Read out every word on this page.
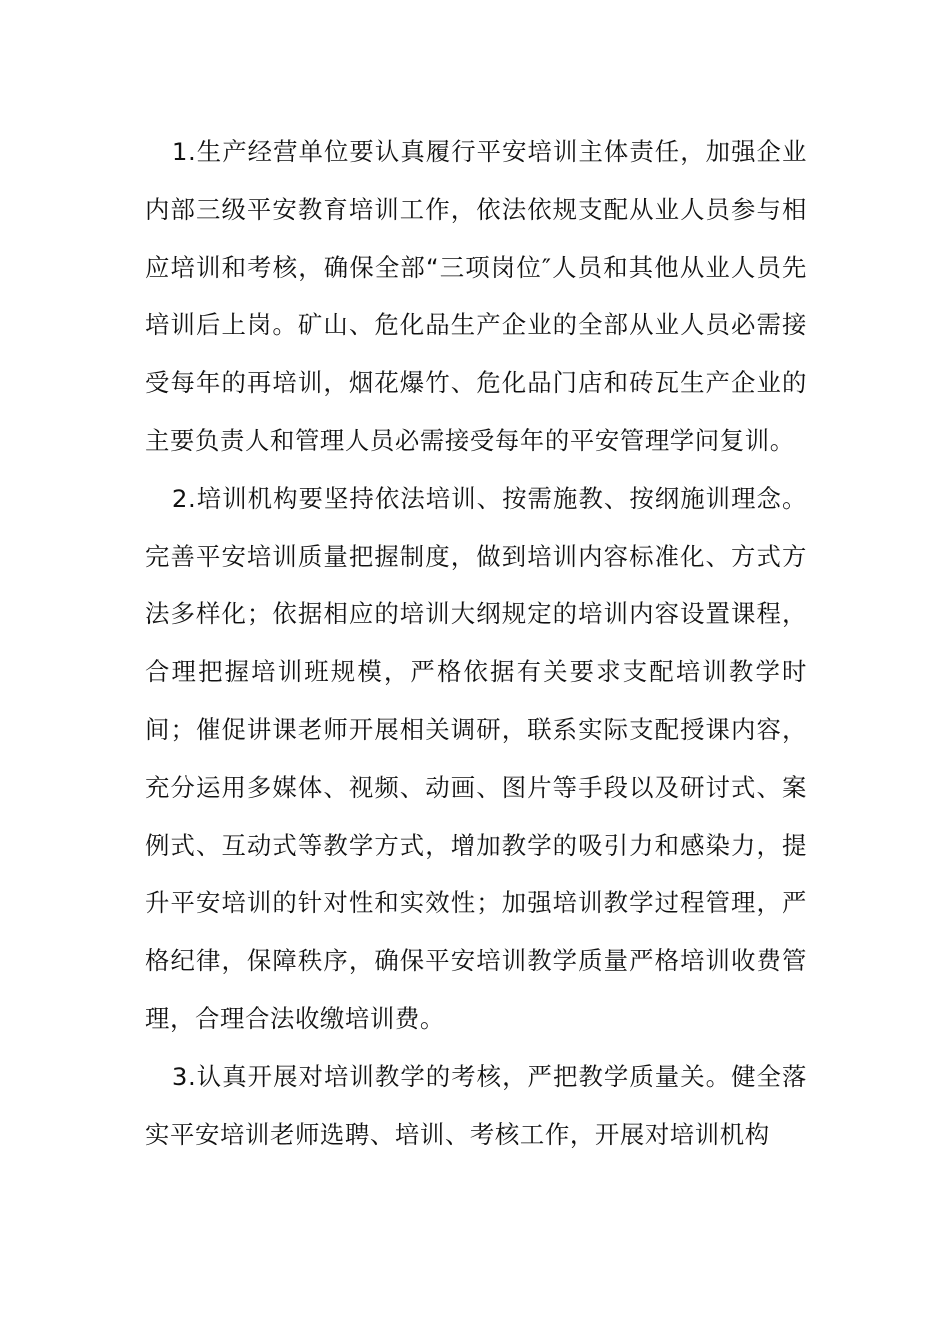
1.生产经营单位要认真履行平安培训主体责任，加强企业内部三级平安教育培训工作，依法依规支配从业人员参与相应培训和考核，确保全部“三项岗位″人员和其他从业人员先培训后上岗。矿山、危化品生产企业的全部从业人员必需接受每年的再培训，烟花爆竹、危化品门店和砖瓦生产企业的主要负责人和管理人员必需接受每年的平安管理学问复训。

2.培训机构要坚持依法培训、按需施教、按纲施训理念。完善平安培训质量把握制度，做到培训内容标准化、方式方法多样化；依据相应的培训大纲规定的培训内容设置课程，合理把握培训班规模，严格依据有关要求支配培训教学时间；催促讲课老师开展相关调研，联系实际支配授课内容，充分运用多媒体、视频、动画、图片等手段以及研讨式、案例式、互动式等教学方式，增加教学的吸引力和感染力，提升平安培训的针对性和实效性；加强培训教学过程管理，严格纪律，保障秩序，确保平安培训教学质量严格培训收费管理，合理合法收缴培训费。

3.认真开展对培训教学的考核，严把教学质量关。健全落实平安培训老师选聘、培训、考核工作，开展对培训机构
